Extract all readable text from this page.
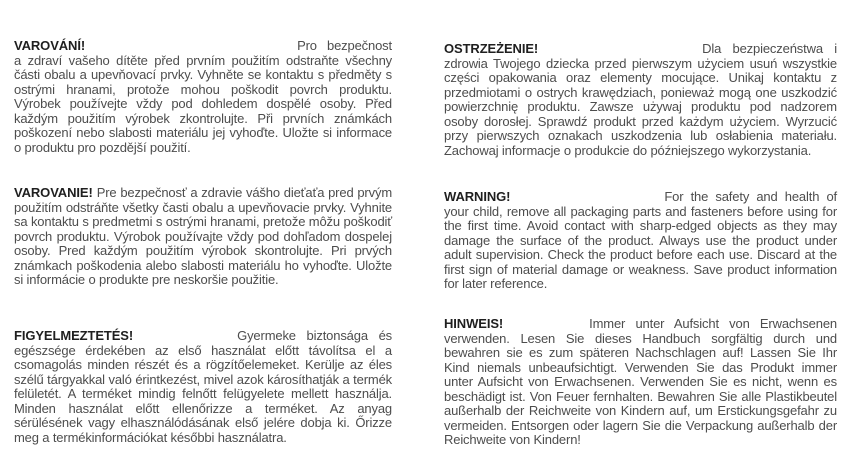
VAROVÁNÍ!	Pro bezpečnost a zdraví vašeho dítěte před prvním použitím odstraňte všechny části obalu a upevňovací prvky. Vyhněte se kontaktu s předměty s ostrými hranami, protože mohou poškodit povrch produktu. Výrobek používejte vždy pod dohledem dospělé osoby. Před každým použitím výrobek zkontrolujte. Při prvních známkách poškození nebo slabosti materiálu jej vyhoďte. Uložte si informace o produktu pro pozdější použití.

VAROVANIE! Pre bezpečnosť a zdravie vášho dieťaťa pred prvým použitím odstráňte všetky časti obalu a upevňovacie prvky. Vyhnite sa kontaktu s predmetmi s ostrými hranami, pretože môžu poškodiť povrch produktu. Výrobok používajte vždy pod dohľadom dospelej osoby. Pred každým použitím výrobok skontrolujte. Pri prvých známkach poškodenia alebo slabosti materiálu ho vyhoďte. Uložte si informácie o produkte pre neskoršie použitie.

FIGYELMEZTETÉS!	Gyermeke biztonsága és egészsége érdekében az első használat előtt távolítsa el a csomagolás minden részét és a rögzítőelemeket. Kerülje az éles szélű tárgyakkal való érintkezést, mivel azok károsíthatják a termék felületét. A terméket mindig felnőtt felügyelete mellett használja. Minden használat előtt ellenőrizze a terméket. Az anyag sérülésének vagy elhasználódásának első jelére dobja ki. Őrizze meg a termékinformációkat későbbi használatra.

OSTRZEŻENIE!	Dla bezpieczeństwa i zdrowia Twojego dziecka przed pierwszym użyciem usuń wszystkie części opakowania oraz elementy mocujące. Unikaj kontaktu z przedmiotami o ostrych krawędziach, ponieważ mogą one uszkodzić powierzchnię produktu. Zawsze używaj produktu pod nadzorem osoby dorosłej. Sprawdź produkt przed każdym użyciem. Wyrzucić przy pierwszych oznakach uszkodzenia lub osłabienia materiału. Zachowaj informacje o produkcie do późniejszego wykorzystania.

WARNING!	For the safety and health of your child, remove all packaging parts and fasteners before using for the first time. Avoid contact with sharp-edged objects as they may damage the surface of the product. Always use the product under adult supervision. Check the product before each use. Discard at the first sign of material damage or weakness. Save product information for later reference.

HINWEIS!	Immer unter Aufsicht von Erwachsenen verwenden. Lesen Sie dieses Handbuch sorgfältig durch und bewahren sie es zum späteren Nachschlagen auf! Lassen Sie Ihr Kind niemals unbeaufsichtigt. Verwenden Sie das Produkt immer unter Aufsicht von Erwachsenen. Verwenden Sie es nicht, wenn es beschädigt ist. Von Feuer fernhalten. Bewahren Sie alle Plastikbeutel außerhalb der Reichweite von Kindern auf, um Erstickungsgefahr zu vermeiden. Entsorgen oder lagern Sie die Verpackung außerhalb der Reichweite von Kindern!
